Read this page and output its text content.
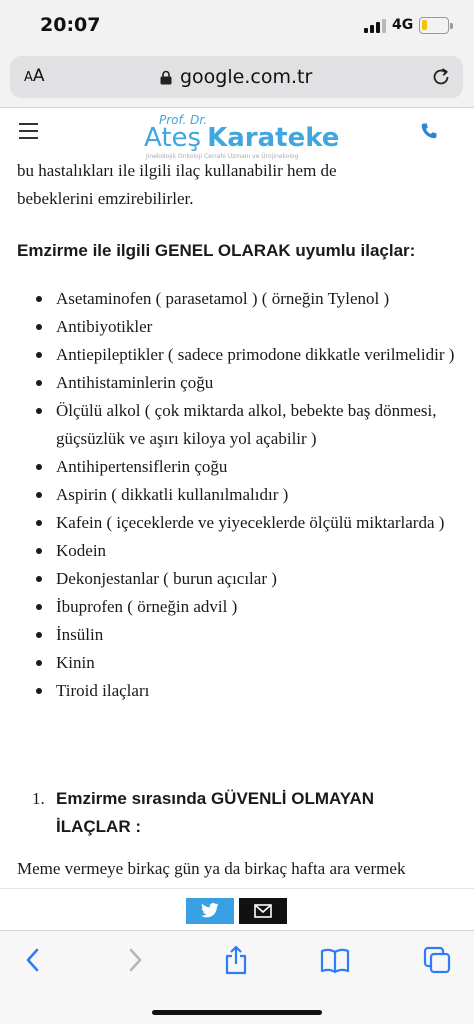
20:07	4G
AA	google.com.tr
Prof. Dr.
Ateş Karateke
Jinekolojik Onkoloji Cerrahi Uzmanı ve Ürojinekolog
bu hastalıkları ile ilgili ilaç kullanabilir hem de
bebeklerini emzirebilirler.
Emzirme ile ilgili GENEL OLARAK uyumlu ilaçlar:
Asetaminofen ( parasetamol ) ( örneğin Tylenol )
Antibiyotikler
Antiepileptikler ( sadece primodone dikkatle verilmelidir )
Antihistaminlerin çoğu
Ölçülü alkol ( çok miktarda alkol, bebekte baş dönmesi, güçsüzlük ve aşırı kiloya yol açabilir )
Antihipertensiflerin çoğu
Aspirin ( dikkatli kullanılmalıdır )
Kafein ( içeceklerde ve yiyeceklerde ölçülü miktarlarda )
Kodein
Dekonjestanlar ( burun açıcılar )
İbuprofen ( örneğin advil )
İnsülin
Kinin
Tiroid ilaçları
1. Emzirme sırasında GÜVENLİ OLMAYAN İLAÇLAR :
Meme vermeye birkaç gün ya da birkaç hafta ara vermek
